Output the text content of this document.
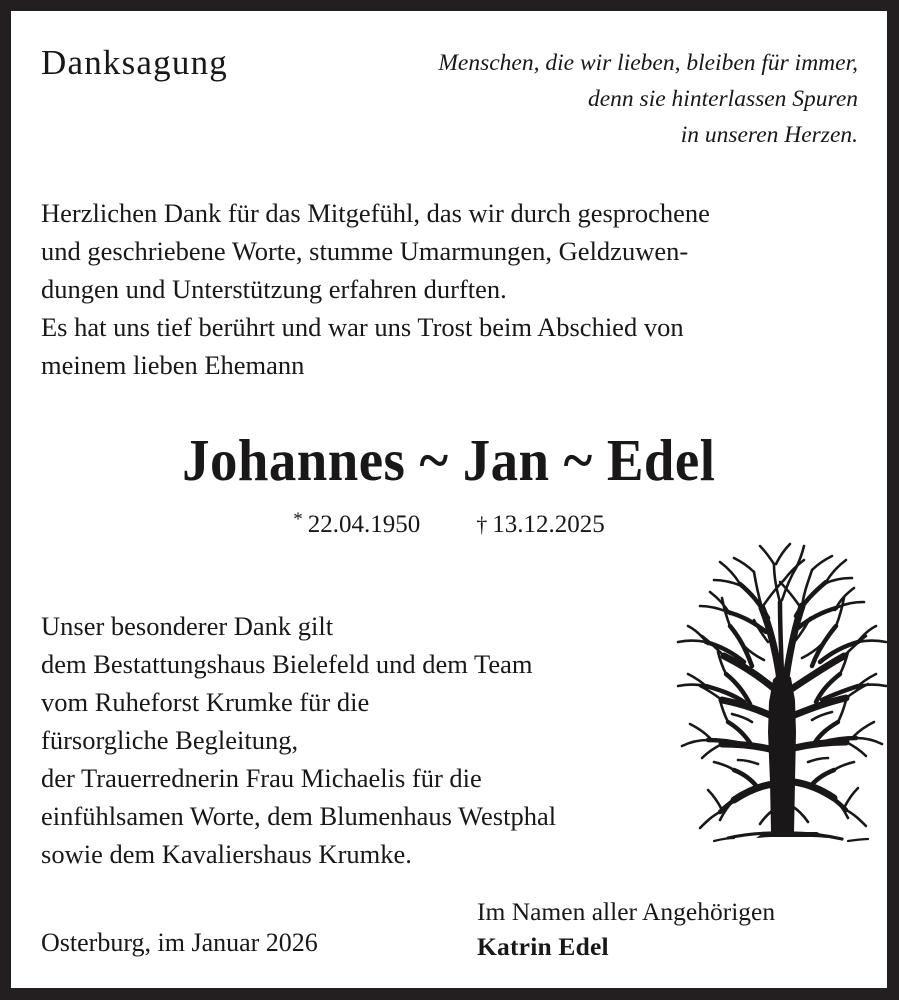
Danksagung	Menschen, die wir lieben, bleiben für immer,
denn sie hinterlassen Spuren
in unseren Herzen.
Herzlichen Dank für das Mitgefühl, das wir durch gesprochene
und geschriebene Worte, stumme Umarmungen, Geldzuwen-
dungen und Unterstützung erfahren durften.
Es hat uns tief berührt und war uns Trost beim Abschied von
meinem lieben Ehemann
Johannes ~ Jan ~ Edel
* 22.04.1950	† 13.12.2025
Unser besonderer Dank gilt
dem Bestattungshaus Bielefeld und dem Team
vom Ruheforst Krumke für die
fürsorgliche Begleitung,
der Trauerrednerin Frau Michaelis für die
einfühlsamen Worte, dem Blumenhaus Westphal
sowie dem Kavaliershaus Krumke.
Osterburg, im Januar 2026
Im Namen aller Angehörigen
Katrin Edel
